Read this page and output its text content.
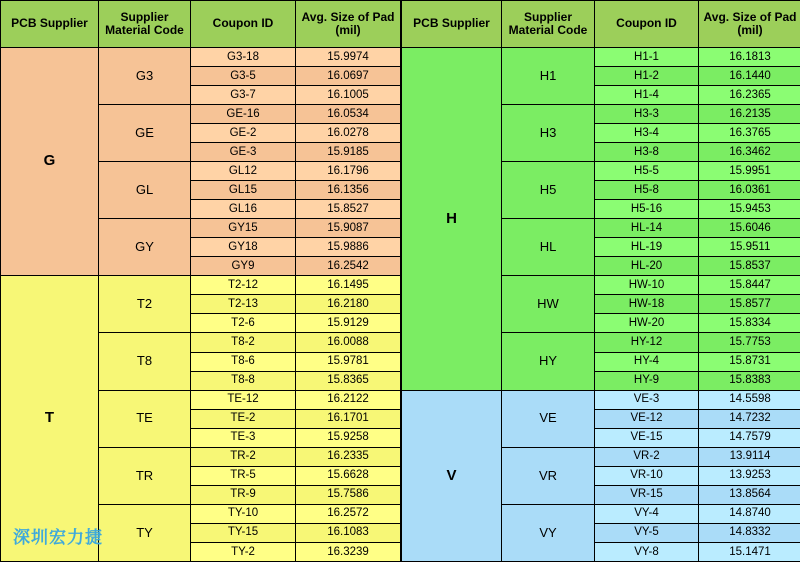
PCB Supplier	Supplier
Material Code	Coupon ID	Avg. Size of Pad
(mil)
G	G3	G3-18	15.9974
		G3-5	16.0697
		G3-7	16.1005
	GE	GE-16	16.0534
		GE-2	16.0278
		GE-3	15.9185
	GL	GL12	16.1796
		GL15	16.1356
		GL16	15.8527
	GY	GY15	15.9087
		GY18	15.9886
		GY9	16.2542
T	T2	T2-12	16.1495
		T2-13	16.2180
		T2-6	15.9129
	T8	T8-2	16.0088
		T8-6	15.9781
		T8-8	15.8365
	TE	TE-12	16.2122
		TE-2	16.1701
		TE-3	15.9258
	TR	TR-2	16.2335
		TR-5	15.6628
		TR-9	15.7586
	TY	TY-10	16.2572
		TY-15	16.1083
		TY-2	16.3239
PCB Supplier	Supplier
Material Code	Coupon ID	Avg. Size of Pad
(mil)
H	H1	H1-1	16.1813
		H1-2	16.1440
		H1-4	16.2365
	H3	H3-3	16.2135
		H3-4	16.3765
		H3-8	16.3462
	H5	H5-5	15.9951
		H5-8	16.0361
		H5-16	15.9453
	HL	HL-14	15.6046
		HL-19	15.9511
		HL-20	15.8537
	HW	HW-10	15.8447
		HW-18	15.8577
		HW-20	15.8334
	HY	HY-12	15.7753
		HY-4	15.8731
		HY-9	15.8383
V	VE	VE-3	14.5598
		VE-12	14.7232
		VE-15	14.7579
	VR	VR-2	13.9114
		VR-10	13.9253
		VR-15	13.8564
	VY	VY-4	14.8740
		VY-5	14.8332
		VY-8	15.1471
深圳宏力捷
